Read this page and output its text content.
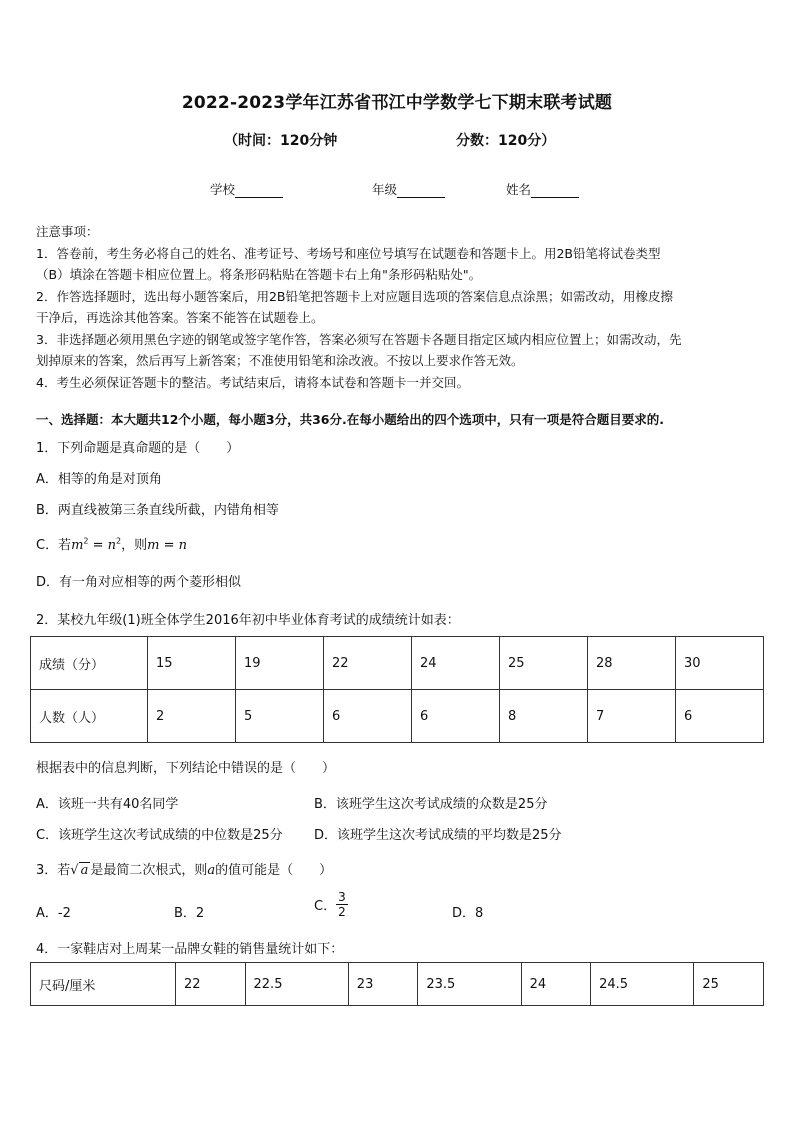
2022-2023学年江苏省邗江中学数学七下期末联考试题
（时间：120分钟	分数：120分）
学校	年级	姓名

注意事项：

1．答卷前，考生务必将自己的姓名、准考证号、考场号和座位号填写在试题卷和答题卡上。用2B铅笔将试卷类型

（B）填涂在答题卡相应位置上。将条形码粘贴在答题卡右上角"条形码粘贴处"。

2．作答选择题时，选出每小题答案后，用2B铅笔把答题卡上对应题目选项的答案信息点涂黑；如需改动，用橡皮擦

干净后，再选涂其他答案。答案不能答在试题卷上。

3．非选择题必须用黑色字迹的钢笔或签字笔作答，答案必须写在答题卡各题目指定区域内相应位置上；如需改动，先

划掉原来的答案，然后再写上新答案；不准使用铅笔和涂改液。不按以上要求作答无效。

4．考生必须保证答题卡的整洁。考试结束后，请将本试卷和答题卡一并交回。

一、选择题：本大题共12个小题，每小题3分，共36分.在每小题给出的四个选项中，只有一项是符合题目要求的.
1．下列命题是真命题的是（　　）
A．相等的角是对顶角
B．两直线被第三条直线所截，内错角相等
C．若$m^2 = n^2$，则m = n
D．有一角对应相等的两个菱形相似
2．某校九年级(1)班全体学生2016年初中毕业体育考试的成绩统计如表：
成绩（分）	15	19	22	24	25	28	30
人数（人）	2	5	6	6	8	7	6
根据表中的信息判断，下列结论中错误的是（　　）
A．该班一共有40名同学	B．该班学生这次考试成绩的众数是25分
C．该班学生这次考试成绩的中位数是25分 D．该班学生这次考试成绩的平均数是25分
3．若√ a 是最简二次根式，则a的值可能是（　　）
A．-2	B．2	C． $\frac{3}{2}$	D．8
4．一家鞋店对上周某一品牌女鞋的销售量统计如下：
尺码/厘米	22	22.5	23	23.5	24	24.5	25
